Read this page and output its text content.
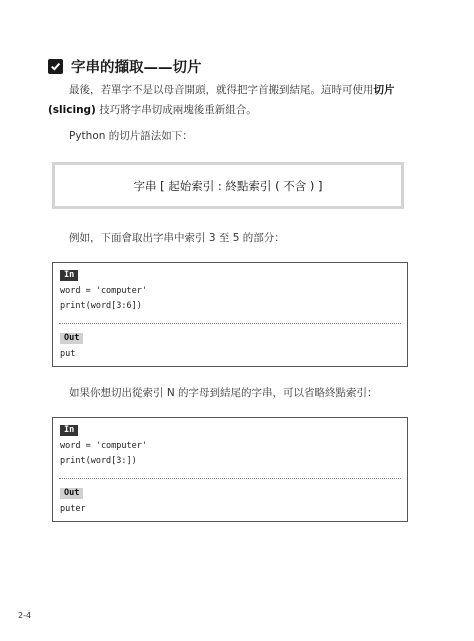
字串的擷取——切片
最後，若單字不是以母音開頭，就得把字首搬到結尾。這時可使用切片
(slicing) 技巧將字串切成兩塊後重新組合。
Python 的切片語法如下：
字串 [ 起始索引 : 終點索引 ( 不含 ) ]
例如，下面會取出字串中索引 3 至 5 的部分：
In
word = 'computer'
print(word[3:6])
Out
put
如果你想切出從索引 N 的字母到結尾的字串，可以省略終點索引：
In
word = 'computer'
print(word[3:])
Out
puter
2-4
